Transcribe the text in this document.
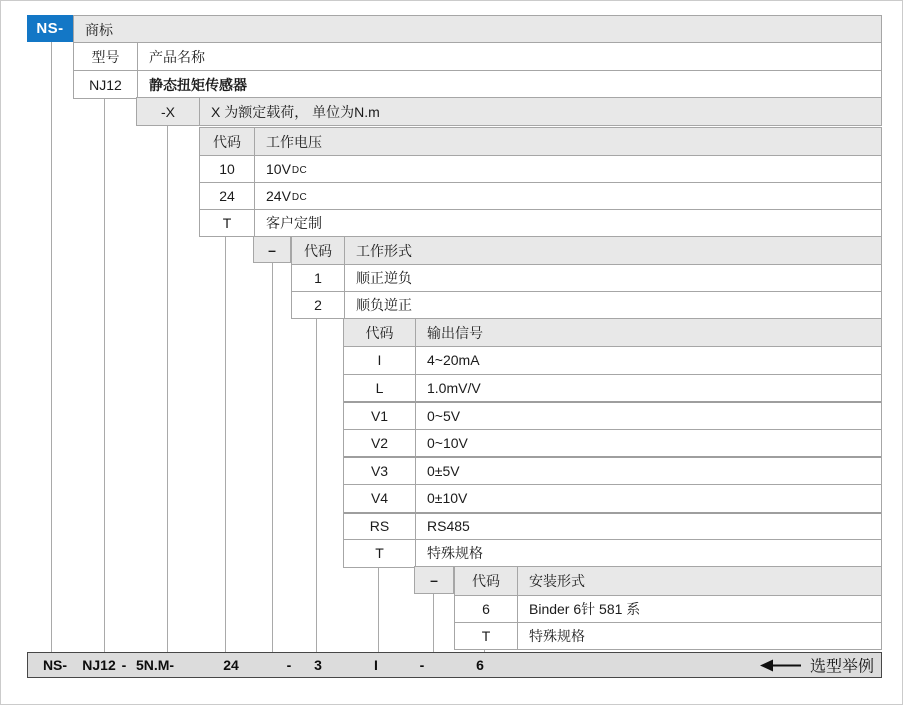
NS-	商标
型号	产品名称
NJ12	静态扭矩传感器
-X	X 为额定载荷， 单位为N.m
代码	工作电压
10	10V DC
24	24V DC
T	客户定制
–	代码	工作形式
1	顺正逆负
2	顺负逆正
代码	输出信号
I	4~20mA
L	1.0mV/V
V1	0~5V
V2	0~10V
V3	0±5V
V4	0±10V
RS	RS485
T	特殊规格
–	代码	安装形式
6	Binder 6针 581 系
T	特殊规格
NS- NJ12 - 5N.M-	24	- 3	I	-	6	选型举例
